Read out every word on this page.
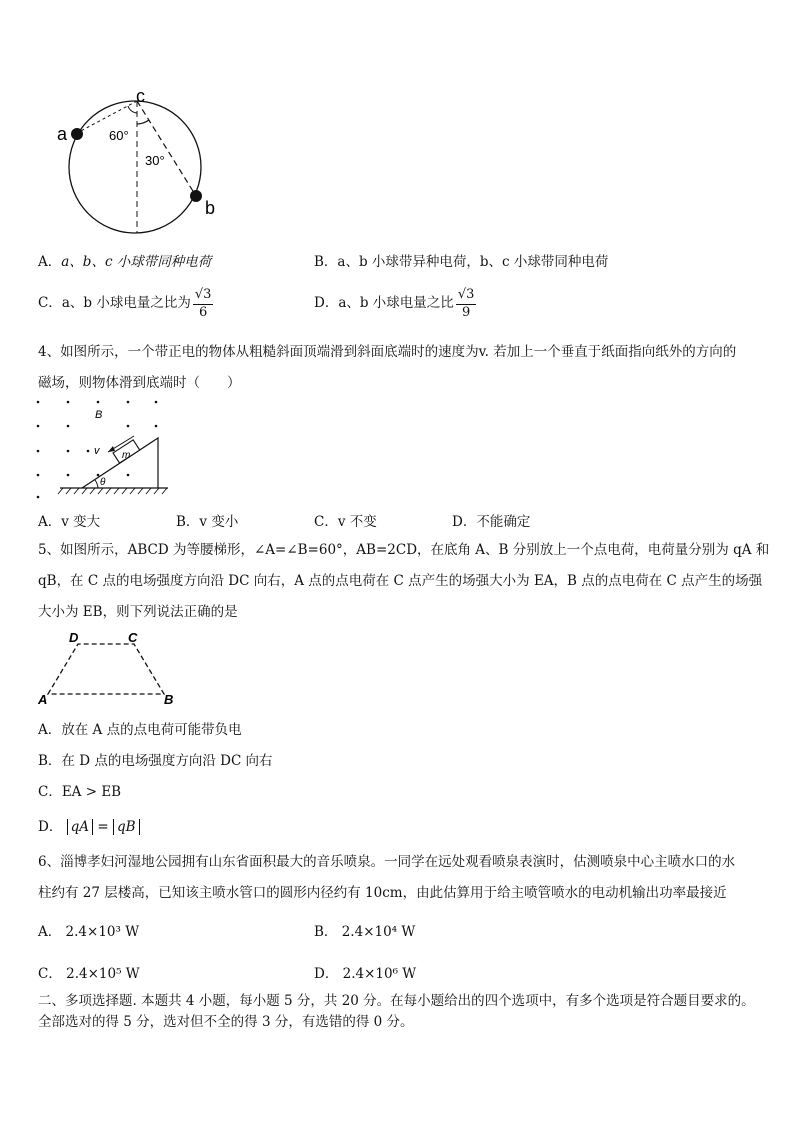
a
b
c
60°
30°
A．a、b、c 小球带同种电荷	B．a、b 小球带异种电荷，b、c 小球带同种电荷
C．a、b 小球电量之比为 $\frac{√3}{6}$	D．a、b 小球电量之比 $\frac{√3}{9}$
4、如图所示，一个带正电的物体从粗糙斜面顶端滑到斜面底端时的速度为v. 若加上一个垂直于纸面指向纸外的方向的
磁场，则物体滑到底端时（　　）
B
v m
θ
A．v 变大	B．v 变小	C．v 不变	D．不能确定
5、如图所示，ABCD 为等腰梯形，∠A=∠B=60°，AB=2CD，在底角 A、B 分别放上一个点电荷，电荷量分别为 qA 和
qB，在 C 点的电场强度方向沿 DC 向右，A 点的点电荷在 C 点产生的场强大小为 EA，B 点的点电荷在 C 点产生的场强
大小为 EB，则下列说法正确的是
A	B
C
D
A．放在 A 点的点电荷可能带负电
B．在 D 点的电场强度方向沿 DC 向右
C．EA > EB
D． qA = qB
6、淄博孝妇河湿地公园拥有山东省面积最大的音乐喷泉。一同学在远处观看喷泉表演时，估测喷泉中心主喷水口的水
柱约有 27 层楼高，已知该主喷水管口的圆形内径约有 10cm，由此估算用于给主喷管喷水的电动机输出功率最接近
A． 2.4×10³ W	B． 2.4×10⁴ W
C． 2.4×10⁵ W	D． 2.4×10⁶ W
二、多项选择题. 本题共 4 小题，每小题 5 分，共 20 分。在每小题给出的四个选项中，有多个选项是符合题目要求的。
全部选对的得 5 分，选对但不全的得 3 分，有选错的得 0 分。
